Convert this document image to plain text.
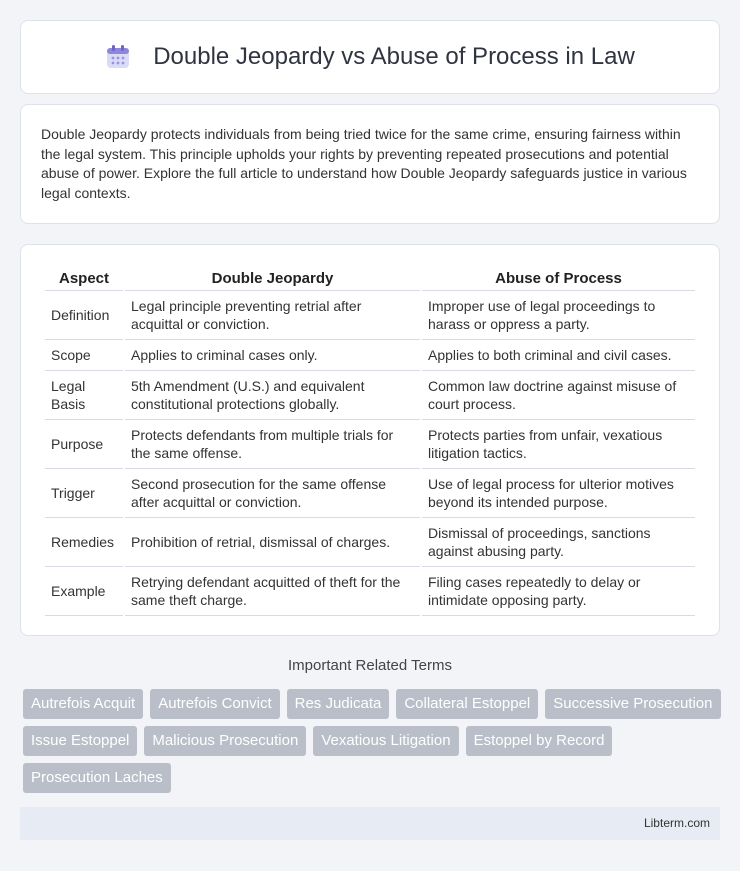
Double Jeopardy vs Abuse of Process in Law

Double Jeopardy protects individuals from being tried twice for the same crime, ensuring fairness within the legal system. This principle upholds your rights by preventing repeated prosecutions and potential abuse of power. Explore the full article to understand how Double Jeopardy safeguards justice in various legal contexts.

Aspect	Double Jeopardy	Abuse of Process
Definition	Legal principle preventing retrial after acquittal or conviction.	Improper use of legal proceedings to harass or oppress a party.
Scope	Applies to criminal cases only.	Applies to both criminal and civil cases.
Legal Basis	5th Amendment (U.S.) and equivalent constitutional protections globally.	Common law doctrine against misuse of court process.
Purpose	Protects defendants from multiple trials for the same offense.	Protects parties from unfair, vexatious litigation tactics.
Trigger	Second prosecution for the same offense after acquittal or conviction.	Use of legal process for ulterior motives beyond its intended purpose.
Remedies	Prohibition of retrial, dismissal of charges.	Dismissal of proceedings, sanctions against abusing party.
Example	Retrying defendant acquitted of theft for the same theft charge.	Filing cases repeatedly to delay or intimidate opposing party.
Important Related Terms
Autrefois Acquit	Autrefois Convict	Res Judicata	Collateral Estoppel	Successive Prosecution
Issue Estoppel	Malicious Prosecution	Vexatious Litigation	Estoppel by Record
Prosecution Laches
Libterm.com
